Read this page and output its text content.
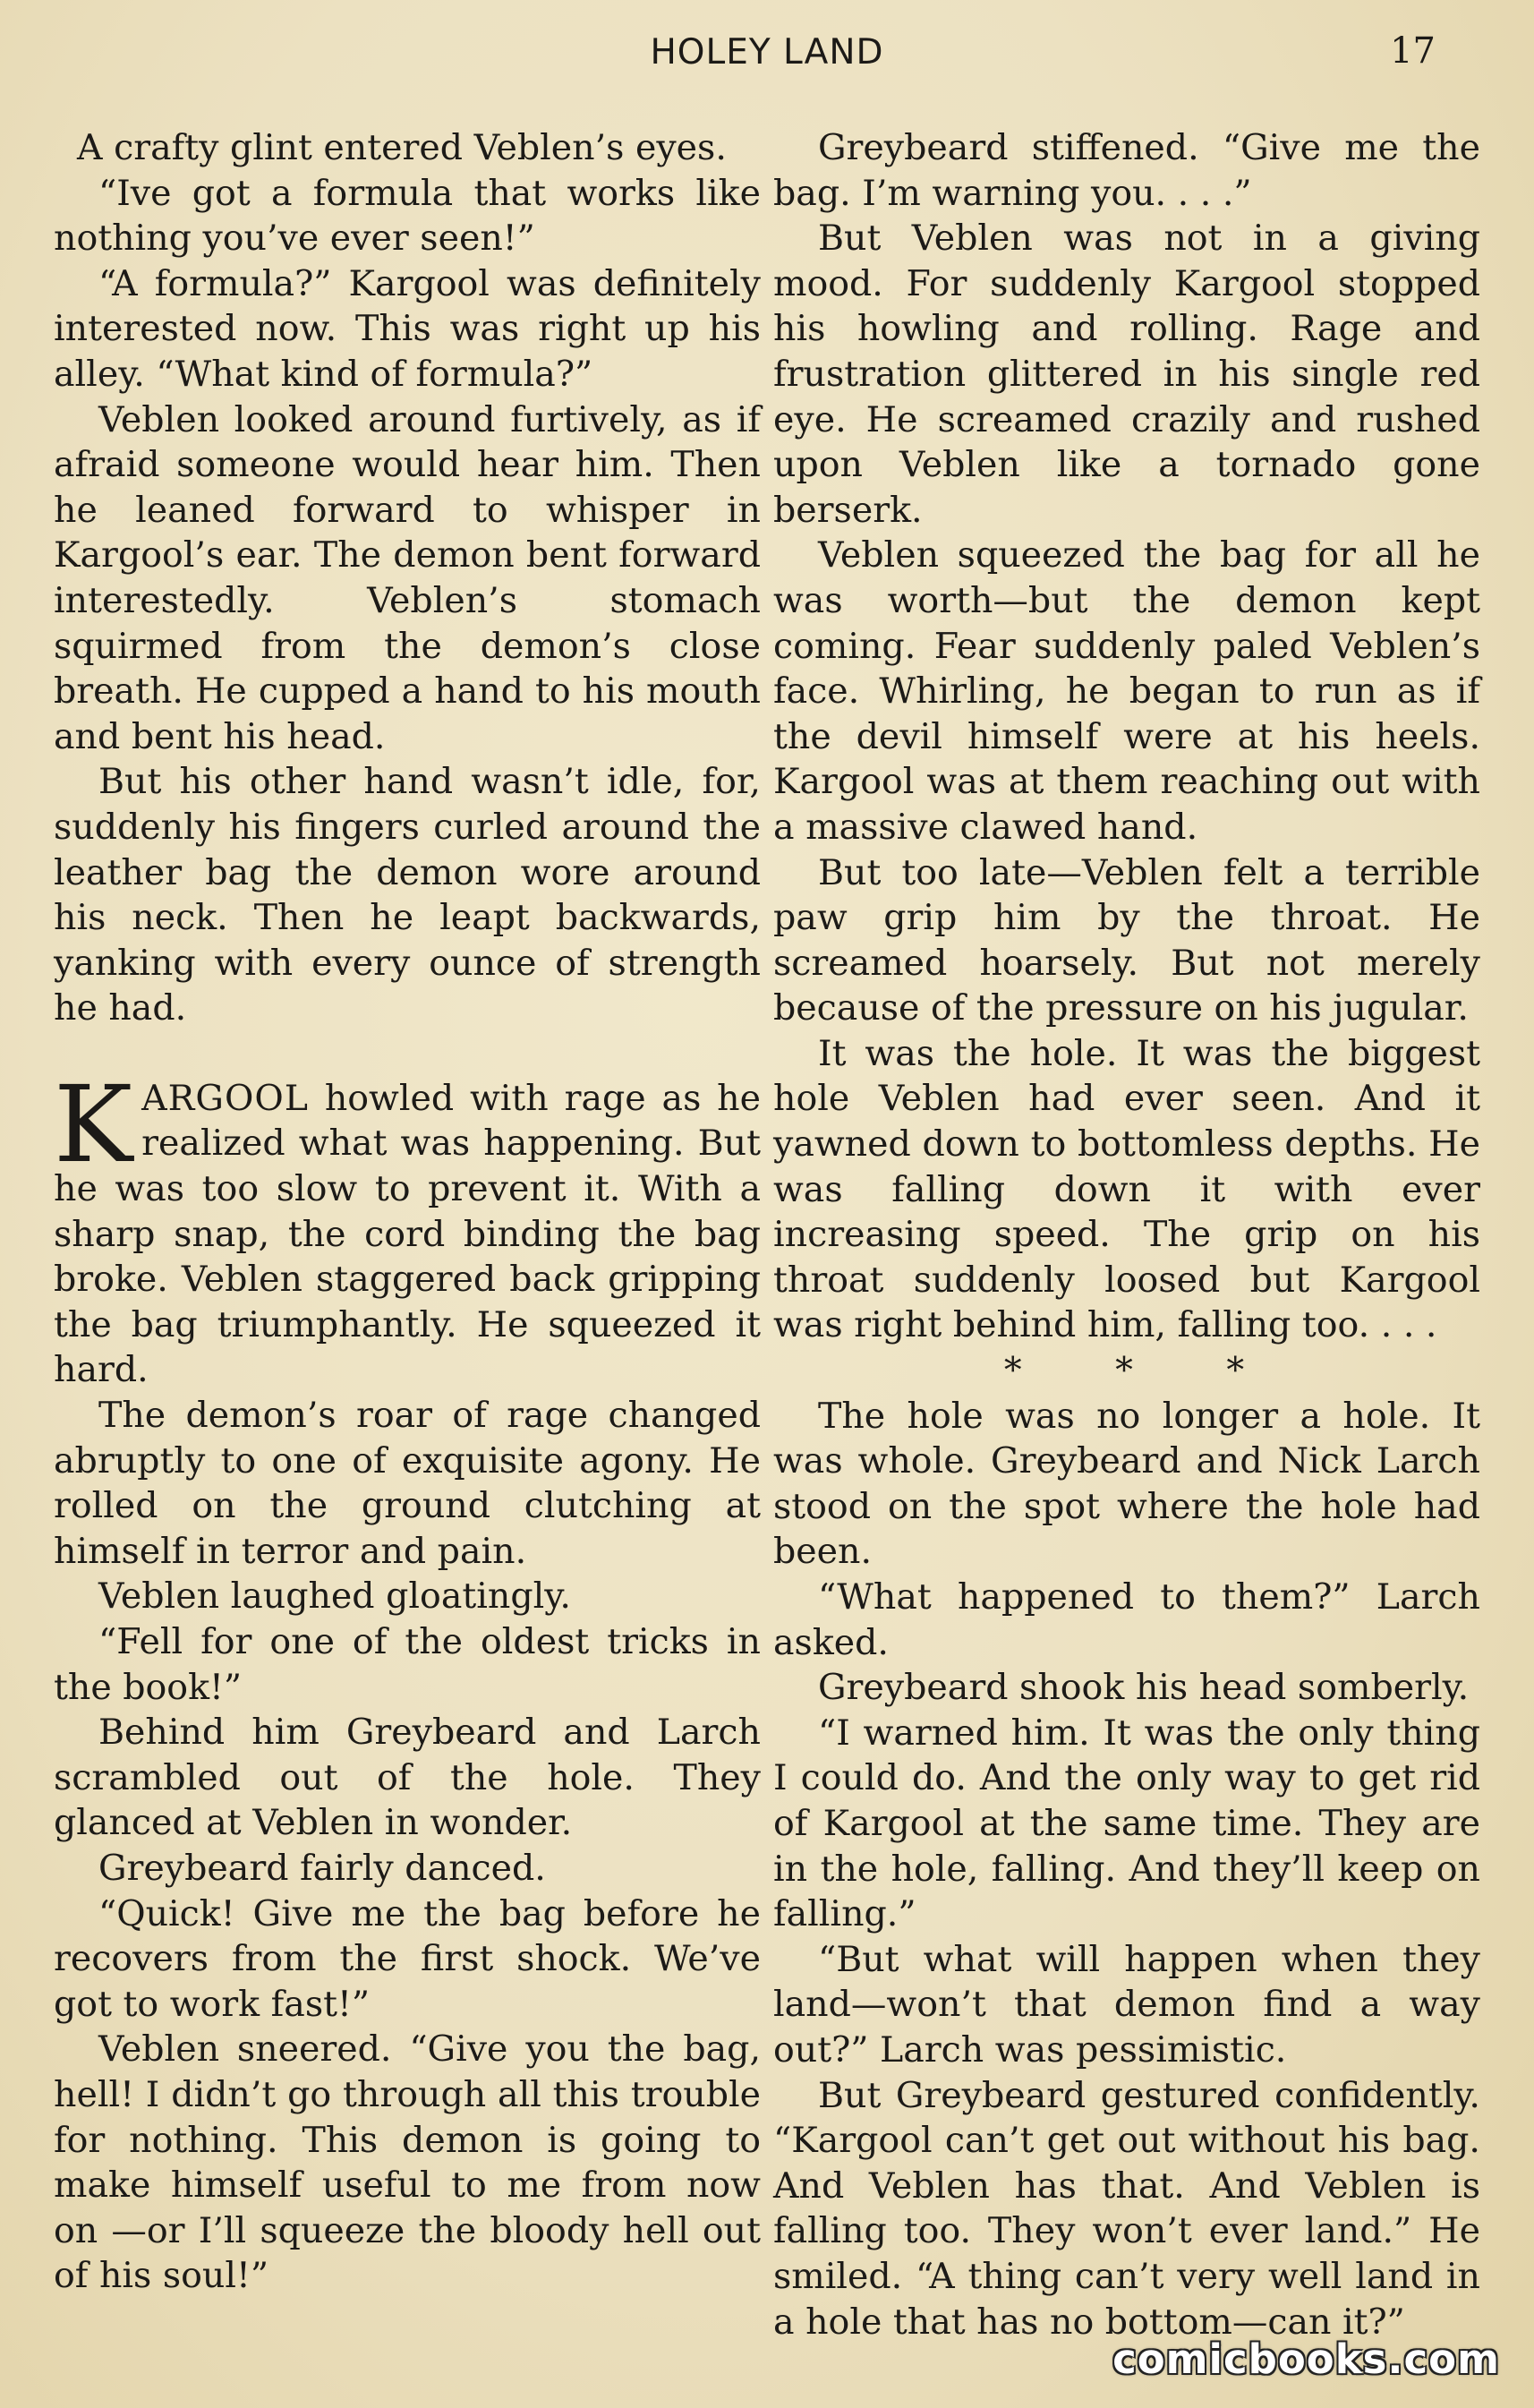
HOLEY LAND	17

A crafty glint entered Veblen’s eyes.

“Ive got a formula that works like nothing you’ve ever seen!”

“A formula?” Kargool was definitely interested now. This was right up his alley. “What kind of formula?”

Veblen looked around furtively, as if afraid someone would hear him. Then he leaned forward to whisper in Kargool’s ear. The demon bent forward interestedly. Veblen’s stomach squirmed from the demon’s close breath. He cupped a hand to his mouth and bent his head.

But his other hand wasn’t idle, for, suddenly his fingers curled around the leather bag the demon wore around his neck. Then he leapt backwards, yanking with every ounce of strength he had.

KARGOOL howled with rage as he realized what was happening. But he was too slow to prevent it. With a sharp snap, the cord binding the bag broke. Veblen staggered back gripping the bag triumphantly. He squeezed it hard.

The demon’s roar of rage changed abruptly to one of exquisite agony. He rolled on the ground clutching at himself in terror and pain.

Veblen laughed gloatingly.

“Fell for one of the oldest tricks in the book!”

Behind him Greybeard and Larch scrambled out of the hole. They glanced at Veblen in wonder.

Greybeard fairly danced.

“Quick! Give me the bag before he recovers from the first shock. We’ve got to work fast!”

Veblen sneered. “Give you the bag, hell! I didn’t go through all this trouble for nothing. This demon is going to make himself useful to me from now on —or I’ll squeeze the bloody hell out of his soul!”

Greybeard stiffened. “Give me the bag. I’m warning you. . . .”

But Veblen was not in a giving mood. For suddenly Kargool stopped his howling and rolling. Rage and frustration glittered in his single red eye. He screamed crazily and rushed upon Veblen like a tornado gone berserk.

Veblen squeezed the bag for all he was worth—but the demon kept coming. Fear suddenly paled Veblen’s face. Whirling, he began to run as if the devil himself were at his heels. Kargool was at them reaching out with a massive clawed hand.

But too late—Veblen felt a terrible paw grip him by the throat. He screamed hoarsely. But not merely because of the pressure on his jugular.

It was the hole. It was the biggest hole Veblen had ever seen. And it yawned down to bottomless depths. He was falling down it with ever increasing speed. The grip on his throat suddenly loosed but Kargool was right behind him, falling too. . . .

* * *

The hole was no longer a hole. It was whole. Greybeard and Nick Larch stood on the spot where the hole had been.

“What happened to them?” Larch asked.

Greybeard shook his head somberly.

“I warned him. It was the only thing I could do. And the only way to get rid of Kargool at the same time. They are in the hole, falling. And they’ll keep on falling.”

“But what will happen when they land—won’t that demon find a way out?” Larch was pessimistic.

But Greybeard gestured confidently. “Kargool can’t get out without his bag. And Veblen has that. And Veblen is falling too. They won’t ever land.” He smiled. “A thing can’t very well land in a hole that has no bottom—can it?”

comicbooks.com
